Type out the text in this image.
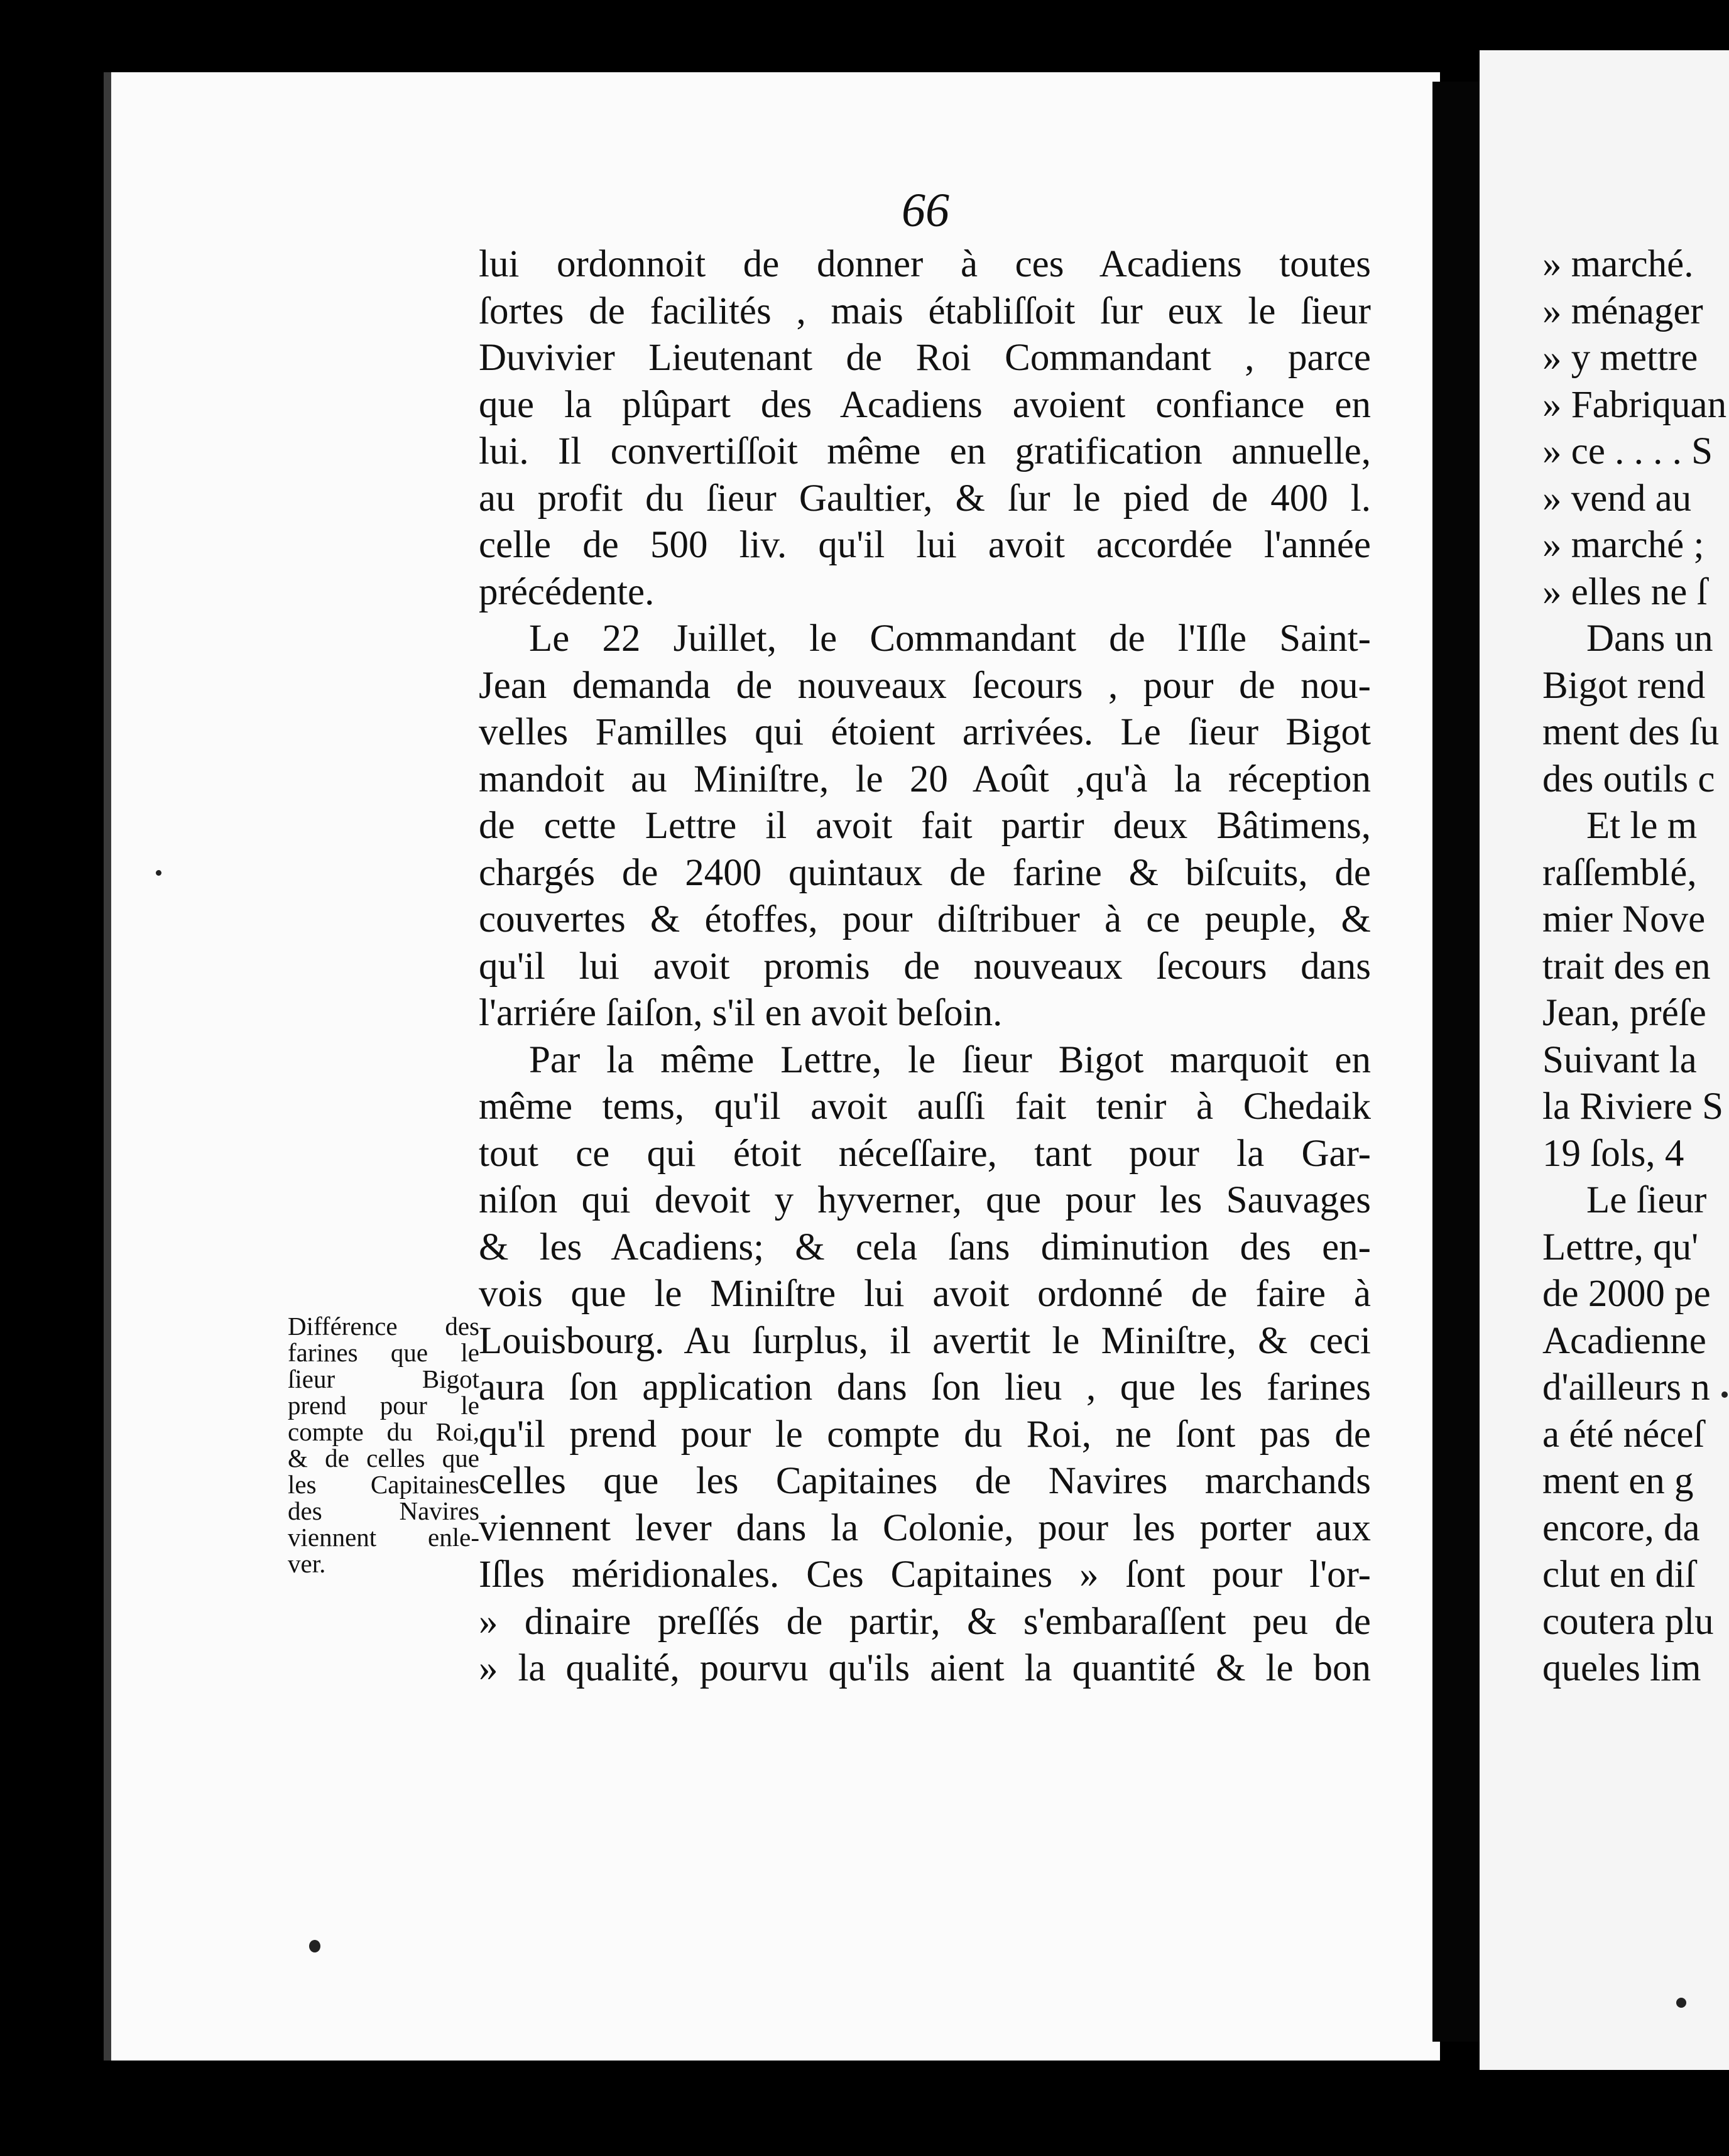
66
lui ordonnoit de donner à ces Acadiens toutes
ſortes de facilités , mais établiſſoit ſur eux le ſieur
Duvivier Lieutenant de Roi Commandant , parce
que la plûpart des Acadiens avoient confiance en
lui. Il convertiſſoit même en gratification annuelle,
au profit du ſieur Gaultier, & ſur le pied de 400 l.
celle de 500 liv. qu'il lui avoit accordée l'année
précédente.
Le 22 Juillet, le Commandant de l'Iſle Saint-
Jean demanda de nouveaux ſecours , pour de nou-
velles Familles qui étoient arrivées. Le ſieur Bigot
mandoit au Miniſtre, le 20 Août ,qu'à la réception
de cette Lettre il avoit fait partir deux Bâtimens,
chargés de 2400 quintaux de farine & biſcuits, de
couvertes & étoffes, pour diſtribuer à ce peuple, &
qu'il lui avoit promis de nouveaux ſecours dans
l'arriére ſaiſon, s'il en avoit beſoin.
Par la même Lettre, le ſieur Bigot marquoit en
même tems, qu'il avoit auſſi fait tenir à Chedaik
tout ce qui étoit néceſſaire, tant pour la Gar-
niſon qui devoit y hyverner, que pour les Sauvages
& les Acadiens; & cela ſans diminution des en-
vois que le Miniſtre lui avoit ordonné de faire à
Louisbourg. Au ſurplus, il avertit le Miniſtre, & ceci
aura ſon application dans ſon lieu , que les farines
qu'il prend pour le compte du Roi, ne ſont pas de
celles que les Capitaines de Navires marchands
viennent lever dans la Colonie, pour les porter aux
Iſles méridionales. Ces Capitaines » ſont pour l'or-
» dinaire preſſés de partir, & s'embaraſſent peu de
» la qualité, pourvu qu'ils aient la quantité & le bon
Différence des
farines que le
ſieur Bigot
prend pour le
compte du Roi,
& de celles que
les Capitaines
des Navires
viennent enle-
ver.
» marché.
» ménager
» y mettre
» Fabriquan
» ce . . . . S
» vend au
» marché ;
» elles ne ſ
Dans un
Bigot rend
ment des ſu
des outils c
Et le m
raſſemblé,
mier Nove
trait des en
Jean, préſe
Suivant la
la Riviere S
19 ſols, 4
Le ſieur
Lettre, qu'
de 2000 pe
Acadienne
d'ailleurs n
a été néceſ
ment en g
encore, da
clut en diſ
coutera plu
queles lim
